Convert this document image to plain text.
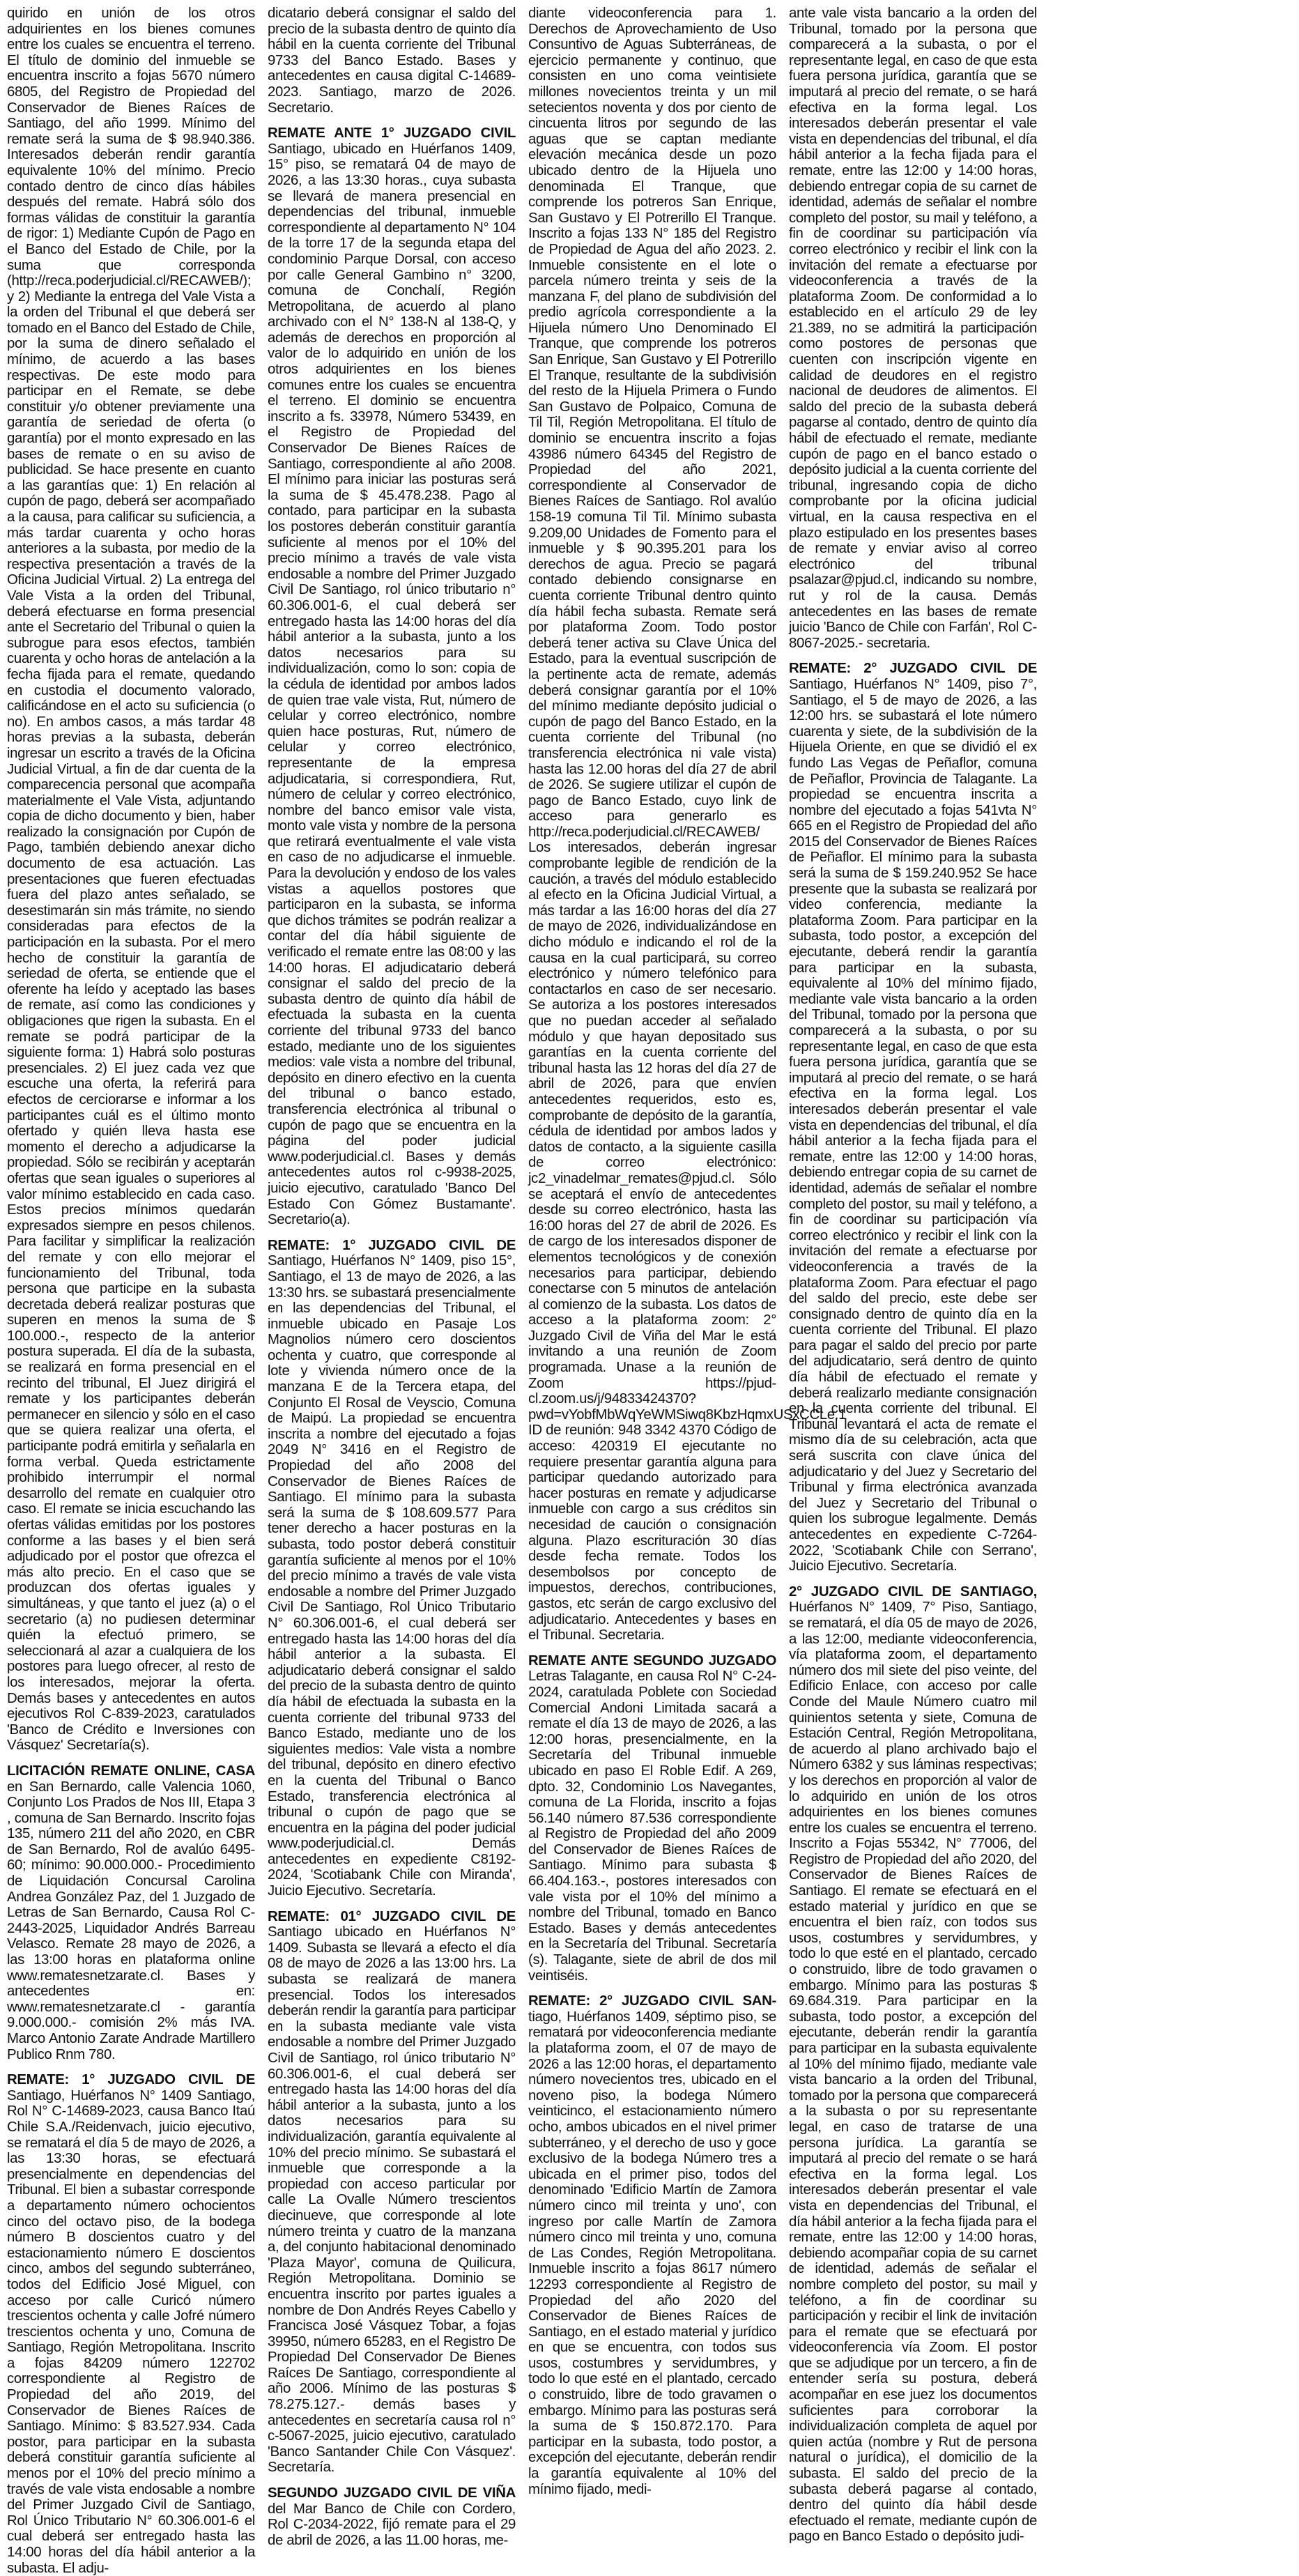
quirido en unión de los otros adquirientes en los bienes comunes entre los cuales se encuentra el terreno. El título de dominio del inmueble se encuentra inscrito a fojas 5670 número 6805, del Registro de Propiedad del Conservador de Bienes Raíces de Santiago, del año 1999. Mínimo del remate será la suma de $ 98.940.386. Interesados deberán rendir garantía equivalente 10% del mínimo. Precio contado dentro de cinco días hábiles después del remate. Habrá sólo dos formas válidas de constituir la garantía de rigor: 1) Mediante Cupón de Pago en el Banco del Estado de Chile, por la suma que corresponda (http://reca.poderjudicial.cl/RECAWEB/); y 2) Mediante la entrega del Vale Vista a la orden del Tribunal el que deberá ser tomado en el Banco del Estado de Chile, por la suma de dinero señalado el mínimo, de acuerdo a las bases respectivas. De este modo para participar en el Remate, se debe constituir y/o obtener previamente una garantía de seriedad de oferta (o garantía) por el monto expresado en las bases de remate o en su aviso de publicidad. Se hace presente en cuanto a las garantías que: 1) En relación al cupón de pago, deberá ser acompañado a la causa, para calificar su suficiencia, a más tardar cuarenta y ocho horas anteriores a la subasta, por medio de la respectiva presentación a través de la Oficina Judicial Virtual. 2) La entrega del Vale Vista a la orden del Tribunal, deberá efectuarse en forma presencial ante el Secretario del Tribunal o quien la subrogue para esos efectos, también cuarenta y ocho horas de antelación a la fecha fijada para el remate, quedando en custodia el documento valorado, calificándose en el acto su suficiencia (o no). En ambos casos, a más tardar 48 horas previas a la subasta, deberán ingresar un escrito a través de la Oficina Judicial Virtual, a fin de dar cuenta de la comparecencia personal que acompaña materialmente el Vale Vista, adjuntando copia de dicho documento y bien, haber realizado la consignación por Cupón de Pago, también debiendo anexar dicho documento de esa actuación. Las presentaciones que fueren efectuadas fuera del plazo antes señalado, se desestimarán sin más trámite, no siendo consideradas para efectos de la participación en la subasta. Por el mero hecho de constituir la garantía de seriedad de oferta, se entiende que el oferente ha leído y aceptado las bases de remate, así como las condiciones y obligaciones que rigen la subasta. En el remate se podrá participar de la siguiente forma: 1) Habrá solo posturas presenciales. 2) El juez cada vez que escuche una oferta, la referirá para efectos de cerciorarse e informar a los participantes cuál es el último monto ofertado y quién lleva hasta ese momento el derecho a adjudicarse la propiedad. Sólo se recibirán y aceptarán ofertas que sean iguales o superiores al valor mínimo establecido en cada caso. Estos precios mínimos quedarán expresados siempre en pesos chilenos. Para facilitar y simplificar la realización del remate y con ello mejorar el funcionamiento del Tribunal, toda persona que participe en la subasta decretada deberá realizar posturas que superen en menos la suma de $ 100.000.-, respecto de la anterior postura superada. El día de la subasta, se realizará en forma presencial en el recinto del tribunal, El Juez dirigirá el remate y los participantes deberán permanecer en silencio y sólo en el caso que se quiera realizar una oferta, el participante podrá emitirla y señalarla en forma verbal. Queda estrictamente prohibido interrumpir el normal desarrollo del remate en cualquier otro caso. El remate se inicia escuchando las ofertas válidas emitidas por los postores conforme a las bases y el bien será adjudicado por el postor que ofrezca el más alto precio. En el caso que se produzcan dos ofertas iguales y simultáneas, y que tanto el juez (a) o el secretario (a) no pudiesen determinar quién la efectuó primero, se seleccionará al azar a cualquiera de los postores para luego ofrecer, al resto de los interesados, mejorar la oferta. Demás bases y antecedentes en autos ejecutivos Rol C-839-2023, caratulados 'Banco de Crédito e Inversiones con Vásquez' Secretaría(s).
LICITACIÓN REMATE ONLINE, CASA en San Bernardo, calle Valencia 1060, Conjunto Los Prados de Nos III, Etapa 3 , comuna de San Bernardo. Inscrito fojas 135, número 211 del año 2020, en CBR de San Bernardo, Rol de avalúo 6495-60; mínimo: 90.000.000.- Procedimiento de Liquidación Concursal Carolina Andrea González Paz, del 1 Juzgado de Letras de San Bernardo, Causa Rol C-2443-2025, Liquidador Andrés Barreau Velasco. Remate 28 mayo de 2026, a las 13:00 horas en plataforma online www.rematesnetzarate.cl. Bases y antecedentes en: www.rematesnetzarate.cl - garantía 9.000.000.- comisión 2% más IVA. Marco Antonio Zarate Andrade Martillero Publico Rnm 780.
REMATE: 1° JUZGADO CIVIL DE Santiago, Huérfanos N° 1409 Santiago, Rol N° C-14689-2023, causa Banco Itaú Chile S.A./Reidenvach, juicio ejecutivo, se rematará el día 5 de mayo de 2026, a las 13:30 horas, se efectuará presencialmente en dependencias del Tribunal. El bien a subastar corresponde a departamento número ochocientos cinco del octavo piso, de la bodega número B doscientos cuatro y del estacionamiento número E doscientos cinco, ambos del segundo subterráneo, todos del Edificio José Miguel, con acceso por calle Curicó número trescientos ochenta y calle Jofré número trescientos ochenta y uno, Comuna de Santiago, Región Metropolitana. Inscrito a fojas 84209 número 122702 correspondiente al Registro de Propiedad del año 2019, del Conservador de Bienes Raíces de Santiago. Mínimo: $ 83.527.934. Cada postor, para participar en la subasta deberá constituir garantía suficiente al menos por el 10% del precio mínimo a través de vale vista endosable a nombre del Primer Juzgado Civil de Santiago, Rol Único Tributario N° 60.306.001-6 el cual deberá ser entregado hasta las 14:00 horas del día hábil anterior a la subasta. El adju-
dicatario deberá consignar el saldo del precio de la subasta dentro de quinto día hábil en la cuenta corriente del Tribunal 9733 del Banco Estado. Bases y antecedentes en causa digital C-14689-2023. Santiago, marzo de 2026. Secretario.
REMATE ANTE 1° JUZGADO CIVIL Santiago, ubicado en Huérfanos 1409, 15° piso, se rematará 04 de mayo de 2026, a las 13:30 horas., cuya subasta se llevará de manera presencial en dependencias del tribunal, inmueble correspondiente al departamento N° 104 de la torre 17 de la segunda etapa del condominio Parque Dorsal, con acceso por calle General Gambino n° 3200, comuna de Conchalí, Región Metropolitana, de acuerdo al plano archivado con el N° 138-N al 138-Q, y además de derechos en proporción al valor de lo adquirido en unión de los otros adquirientes en los bienes comunes entre los cuales se encuentra el terreno. El dominio se encuentra inscrito a fs. 33978, Número 53439, en el Registro de Propiedad del Conservador De Bienes Raíces de Santiago, correspondiente al año 2008. El mínimo para iniciar las posturas será la suma de $ 45.478.238. Pago al contado, para participar en la subasta los postores deberán constituir garantía suficiente al menos por el 10% del precio mínimo a través de vale vista endosable a nombre del Primer Juzgado Civil De Santiago, rol único tributario n° 60.306.001-6, el cual deberá ser entregado hasta las 14:00 horas del día hábil anterior a la subasta, junto a los datos necesarios para su individualización, como lo son: copia de la cédula de identidad por ambos lados de quien trae vale vista, Rut, número de celular y correo electrónico, nombre quien hace posturas, Rut, número de celular y correo electrónico, representante de la empresa adjudicataria, si correspondiera, Rut, número de celular y correo electrónico, nombre del banco emisor vale vista, monto vale vista y nombre de la persona que retirará eventualmente el vale vista en caso de no adjudicarse el inmueble. Para la devolución y endoso de los vales vistas a aquellos postores que participaron en la subasta, se informa que dichos trámites se podrán realizar a contar del día hábil siguiente de verificado el remate entre las 08:00 y las 14:00 horas. El adjudicatario deberá consignar el saldo del precio de la subasta dentro de quinto día hábil de efectuada la subasta en la cuenta corriente del tribunal 9733 del banco estado, mediante uno de los siguientes medios: vale vista a nombre del tribunal, depósito en dinero efectivo en la cuenta del tribunal o banco estado, transferencia electrónica al tribunal o cupón de pago que se encuentra en la página del poder judicial www.poderjudicial.cl. Bases y demás antecedentes autos rol c-9938-2025, juicio ejecutivo, caratulado 'Banco Del Estado Con Gómez Bustamante'. Secretario(a).
REMATE: 1° JUZGADO CIVIL DE Santiago, Huérfanos N° 1409, piso 15°, Santiago, el 13 de mayo de 2026, a las 13:30 hrs. se subastará presencialmente en las dependencias del Tribunal, el inmueble ubicado en Pasaje Los Magnolios número cero doscientos ochenta y cuatro, que corresponde al lote y vivienda número once de la manzana E de la Tercera etapa, del Conjunto El Rosal de Veyscio, Comuna de Maipú. La propiedad se encuentra inscrita a nombre del ejecutado a fojas 2049 N° 3416 en el Registro de Propiedad del año 2008 del Conservador de Bienes Raíces de Santiago. El mínimo para la subasta será la suma de $ 108.609.577 Para tener derecho a hacer posturas en la subasta, todo postor deberá constituir garantía suficiente al menos por el 10% del precio mínimo a través de vale vista endosable a nombre del Primer Juzgado Civil De Santiago, Rol Único Tributario N° 60.306.001-6, el cual deberá ser entregado hasta las 14:00 horas del día hábil anterior a la subasta. El adjudicatario deberá consignar el saldo del precio de la subasta dentro de quinto día hábil de efectuada la subasta en la cuenta corriente del tribunal 9733 del Banco Estado, mediante uno de los siguientes medios: Vale vista a nombre del tribunal, depósito en dinero efectivo en la cuenta del Tribunal o Banco Estado, transferencia electrónica al tribunal o cupón de pago que se encuentra en la página del poder judicial www.poderjudicial.cl. Demás antecedentes en expediente C8192-2024, 'Scotiabank Chile con Miranda', Juicio Ejecutivo. Secretaría.
REMATE: 01° JUZGADO CIVIL DE Santiago ubicado en Huérfanos N° 1409. Subasta se llevará a efecto el día 08 de mayo de 2026 a las 13:00 hrs. La subasta se realizará de manera presencial. Todos los interesados deberán rendir la garantía para participar en la subasta mediante vale vista endosable a nombre del Primer Juzgado Civil de Santiago, rol único tributario N° 60.306.001-6, el cual deberá ser entregado hasta las 14:00 horas del día hábil anterior a la subasta, junto a los datos necesarios para su individualización, garantía equivalente al 10% del precio mínimo. Se subastará el inmueble que corresponde a la propiedad con acceso particular por calle La Ovalle Número trescientos diecinueve, que corresponde al lote número treinta y cuatro de la manzana a, del conjunto habitacional denominado 'Plaza Mayor', comuna de Quilicura, Región Metropolitana. Dominio se encuentra inscrito por partes iguales a nombre de Don Andrés Reyes Cabello y Francisca José Vásquez Tobar, a fojas 39950, número 65283, en el Registro De Propiedad Del Conservador De Bienes Raíces De Santiago, correspondiente al año 2006. Mínimo de las posturas $ 78.275.127.- demás bases y antecedentes en secretaría causa rol n° c-5067-2025, juicio ejecutivo, caratulado 'Banco Santander Chile Con Vásquez'. Secretaría.
SEGUNDO JUZGADO CIVIL DE VIÑA del Mar Banco de Chile con Cordero, Rol C-2034-2022, fijó remate para el 29 de abril de 2026, a las 11.00 horas, me-
diante videoconferencia para 1. Derechos de Aprovechamiento de Uso Consuntivo de Aguas Subterráneas, de ejercicio permanente y continuo, que consisten en uno coma veintisiete millones novecientos treinta y un mil setecientos noventa y dos por ciento de cincuenta litros por segundo de las aguas que se captan mediante elevación mecánica desde un pozo ubicado dentro de la Hijuela uno denominada El Tranque, que comprende los potreros San Enrique, San Gustavo y El Potrerillo El Tranque. Inscrito a fojas 133 N° 185 del Registro de Propiedad de Agua del año 2023. 2. Inmueble consistente en el lote o parcela número treinta y seis de la manzana F, del plano de subdivisión del predio agrícola correspondiente a la Hijuela número Uno Denominado El Tranque, que comprende los potreros San Enrique, San Gustavo y El Potrerillo El Tranque, resultante de la subdivisión del resto de la Hijuela Primera o Fundo San Gustavo de Polpaico, Comuna de Til Til, Región Metropolitana. El título de dominio se encuentra inscrito a fojas 43986 número 64345 del Registro de Propiedad del año 2021, correspondiente al Conservador de Bienes Raíces de Santiago. Rol avalúo 158-19 comuna Til Til. Mínimo subasta 9.209,00 Unidades de Fomento para el inmueble y $ 90.395.201 para los derechos de agua. Precio se pagará contado debiendo consignarse en cuenta corriente Tribunal dentro quinto día hábil fecha subasta. Remate será por plataforma Zoom. Todo postor deberá tener activa su Clave Única del Estado, para la eventual suscripción de la pertinente acta de remate, además deberá consignar garantía por el 10% del mínimo mediante depósito judicial o cupón de pago del Banco Estado, en la cuenta corriente del Tribunal (no transferencia electrónica ni vale vista) hasta las 12.00 horas del día 27 de abril de 2026. Se sugiere utilizar el cupón de pago de Banco Estado, cuyo link de acceso para generarlo es http://reca.poderjudicial.cl/RECAWEB/ Los interesados, deberán ingresar comprobante legible de rendición de la caución, a través del módulo establecido al efecto en la Oficina Judicial Virtual, a más tardar a las 16:00 horas del día 27 de mayo de 2026, individualizándose en dicho módulo e indicando el rol de la causa en la cual participará, su correo electrónico y número telefónico para contactarlos en caso de ser necesario. Se autoriza a los postores interesados que no puedan acceder al señalado módulo y que hayan depositado sus garantías en la cuenta corriente del tribunal hasta las 12 horas del día 27 de abril de 2026, para que envíen antecedentes requeridos, esto es, comprobante de depósito de la garantía, cédula de identidad por ambos lados y datos de contacto, a la siguiente casilla de correo electrónico: jc2_vinadelmar_remates@pjud.cl. Sólo se aceptará el envío de antecedentes desde su correo electrónico, hasta las 16:00 horas del 27 de abril de 2026. Es de cargo de los interesados disponer de elementos tecnológicos y de conexión necesarios para participar, debiendo conectarse con 5 minutos de antelación al comienzo de la subasta. Los datos de acceso a la plataforma zoom: 2° Juzgado Civil de Viña del Mar le está invitando a una reunión de Zoom programada. Unase a la reunión de Zoom https://pjud-cl.zoom.us/j/94833424370?pwd=vYobfMbWqYeWMSiwq8KbzHqmxUSxCCLe.1 ID de reunión: 948 3342 4370 Código de acceso: 420319 El ejecutante no requiere presentar garantía alguna para participar quedando autorizado para hacer posturas en remate y adjudicarse inmueble con cargo a sus créditos sin necesidad de caución o consignación alguna. Plazo escrituración 30 días desde fecha remate. Todos los desembolsos por concepto de impuestos, derechos, contribuciones, gastos, etc serán de cargo exclusivo del adjudicatario. Antecedentes y bases en el Tribunal. Secretaria.
REMATE ANTE SEGUNDO JUZGADO Letras Talagante, en causa Rol N° C-24-2024, caratulada Poblete con Sociedad Comercial Andoni Limitada sacará a remate el día 13 de mayo de 2026, a las 12:00 horas, presencialmente, en la Secretaría del Tribunal inmueble ubicado en paso El Roble Edif. A 269, dpto. 32, Condominio Los Navegantes, comuna de La Florida, inscrito a fojas 56.140 número 87.536 correspondiente al Registro de Propiedad del año 2009 del Conservador de Bienes Raíces de Santiago. Mínimo para subasta $ 66.404.163.-, postores interesados con vale vista por el 10% del mínimo a nombre del Tribunal, tomado en Banco Estado. Bases y demás antecedentes en la Secretaría del Tribunal. Secretaría (s). Talagante, siete de abril de dos mil veintiséis.
REMATE: 2° JUZGADO CIVIL SAN- tiago, Huérfanos 1409, séptimo piso, se rematará por videoconferencia mediante la plataforma zoom, el 07 de mayo de 2026 a las 12:00 horas, el departamento número novecientos tres, ubicado en el noveno piso, la bodega Número veinticinco, el estacionamiento número ocho, ambos ubicados en el nivel primer subterráneo, y el derecho de uso y goce exclusivo de la bodega Número tres a ubicada en el primer piso, todos del denominado 'Edificio Martín de Zamora número cinco mil treinta y uno', con ingreso por calle Martín de Zamora número cinco mil treinta y uno, comuna de Las Condes, Región Metropolitana. Inmueble inscrito a fojas 8617 número 12293 correspondiente al Registro de Propiedad del año 2020 del Conservador de Bienes Raíces de Santiago, en el estado material y jurídico en que se encuentra, con todos sus usos, costumbres y servidumbres, y todo lo que esté en el plantado, cercado o construido, libre de todo gravamen o embargo. Mínimo para las posturas será la suma de $ 150.872.170. Para participar en la subasta, todo postor, a excepción del ejecutante, deberán rendir la garantía equivalente al 10% del mínimo fijado, medi-
ante vale vista bancario a la orden del Tribunal, tomado por la persona que comparecerá a la subasta, o por el representante legal, en caso de que esta fuera persona jurídica, garantía que se imputará al precio del remate, o se hará efectiva en la forma legal. Los interesados deberán presentar el vale vista en dependencias del tribunal, el día hábil anterior a la fecha fijada para el remate, entre las 12:00 y 14:00 horas, debiendo entregar copia de su carnet de identidad, además de señalar el nombre completo del postor, su mail y teléfono, a fin de coordinar su participación vía correo electrónico y recibir el link con la invitación del remate a efectuarse por videoconferencia a través de la plataforma Zoom. De conformidad a lo establecido en el artículo 29 de ley 21.389, no se admitirá la participación como postores de personas que cuenten con inscripción vigente en calidad de deudores en el registro nacional de deudores de alimentos. El saldo del precio de la subasta deberá pagarse al contado, dentro de quinto día hábil de efectuado el remate, mediante cupón de pago en el banco estado o depósito judicial a la cuenta corriente del tribunal, ingresando copia de dicho comprobante por la oficina judicial virtual, en la causa respectiva en el plazo estipulado en los presentes bases de remate y enviar aviso al correo electrónico del tribunal psalazar@pjud.cl, indicando su nombre, rut y rol de la causa. Demás antecedentes en las bases de remate juicio 'Banco de Chile con Farfán', Rol C-8067-2025.- secretaria.
REMATE: 2° JUZGADO CIVIL DE Santiago, Huérfanos N° 1409, piso 7°, Santiago, el 5 de mayo de 2026, a las 12:00 hrs. se subastará el lote número cuarenta y siete, de la subdivisión de la Hijuela Oriente, en que se dividió el ex fundo Las Vegas de Peñaflor, comuna de Peñaflor, Provincia de Talagante. La propiedad se encuentra inscrita a nombre del ejecutado a fojas 541vta N° 665 en el Registro de Propiedad del año 2015 del Conservador de Bienes Raíces de Peñaflor. El mínimo para la subasta será la suma de $ 159.240.952 Se hace presente que la subasta se realizará por video conferencia, mediante la plataforma Zoom. Para participar en la subasta, todo postor, a excepción del ejecutante, deberá rendir la garantía para participar en la subasta, equivalente al 10% del mínimo fijado, mediante vale vista bancario a la orden del Tribunal, tomado por la persona que comparecerá a la subasta, o por su representante legal, en caso de que esta fuera persona jurídica, garantía que se imputará al precio del remate, o se hará efectiva en la forma legal. Los interesados deberán presentar el vale vista en dependencias del tribunal, el día hábil anterior a la fecha fijada para el remate, entre las 12:00 y 14:00 horas, debiendo entregar copia de su carnet de identidad, además de señalar el nombre completo del postor, su mail y teléfono, a fin de coordinar su participación vía correo electrónico y recibir el link con la invitación del remate a efectuarse por videoconferencia a través de la plataforma Zoom. Para efectuar el pago del saldo del precio, este debe ser consignado dentro de quinto día en la cuenta corriente del Tribunal. El plazo para pagar el saldo del precio por parte del adjudicatario, será dentro de quinto día hábil de efectuado el remate y deberá realizarlo mediante consignación en la cuenta corriente del tribunal. El Tribunal levantará el acta de remate el mismo día de su celebración, acta que será suscrita con clave única del adjudicatario y del Juez y Secretario del Tribunal y firma electrónica avanzada del Juez y Secretario del Tribunal o quien los subrogue legalmente. Demás antecedentes en expediente C-7264-2022, 'Scotiabank Chile con Serrano', Juicio Ejecutivo. Secretaría.
2° JUZGADO CIVIL DE SANTIAGO, Huérfanos N° 1409, 7° Piso, Santiago, se rematará, el día 05 de mayo de 2026, a las 12:00, mediante videoconferencia, vía plataforma zoom, el departamento número dos mil siete del piso veinte, del Edificio Enlace, con acceso por calle Conde del Maule Número cuatro mil quinientos setenta y siete, Comuna de Estación Central, Región Metropolitana, de acuerdo al plano archivado bajo el Número 6382 y sus láminas respectivas; y los derechos en proporción al valor de lo adquirido en unión de los otros adquirientes en los bienes comunes entre los cuales se encuentra el terreno. Inscrito a Fojas 55342, N° 77006, del Registro de Propiedad del año 2020, del Conservador de Bienes Raíces de Santiago. El remate se efectuará en el estado material y jurídico en que se encuentra el bien raíz, con todos sus usos, costumbres y servidumbres, y todo lo que esté en el plantado, cercado o construido, libre de todo gravamen o embargo. Mínimo para las posturas $ 69.684.319. Para participar en la subasta, todo postor, a excepción del ejecutante, deberán rendir la garantía para participar en la subasta equivalente al 10% del mínimo fijado, mediante vale vista bancario a la orden del Tribunal, tomado por la persona que comparecerá a la subasta o por su representante legal, en caso de tratarse de una persona jurídica. La garantía se imputará al precio del remate o se hará efectiva en la forma legal. Los interesados deberán presentar el vale vista en dependencias del Tribunal, el día hábil anterior a la fecha fijada para el remate, entre las 12:00 y 14:00 horas, debiendo acompañar copia de su carnet de identidad, además de señalar el nombre completo del postor, su mail y teléfono, a fin de coordinar su participación y recibir el link de invitación para el remate que se efectuará por videoconferencia vía Zoom. El postor que se adjudique por un tercero, a fin de entender sería su postura, deberá acompañar en ese juez los documentos suficientes para corroborar la individualización completa de aquel por quien actúa (nombre y Rut de persona natural o jurídica), el domicilio de la subasta. El saldo del precio de la subasta deberá pagarse al contado, dentro del quinto día hábil desde efectuado el remate, mediante cupón de pago en Banco Estado o depósito judi-
